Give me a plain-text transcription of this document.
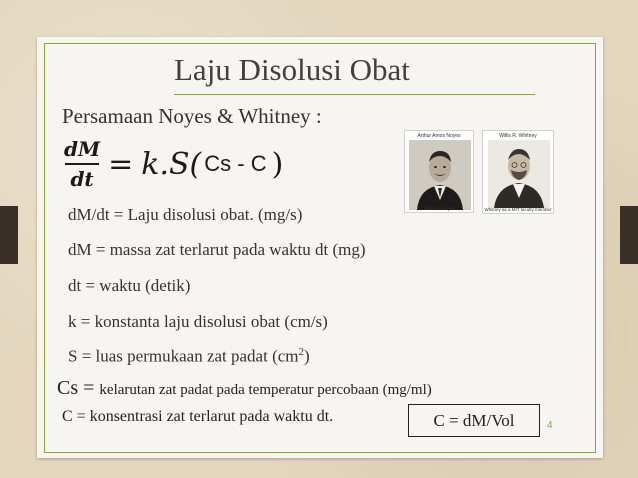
Laju Disolusi Obat
Persamaan Noyes & Whitney :
$\frac{dM}{dt} = k.S$( Cs - C )
Arthur Amos Noyes
Arthur A. Noyes
Willis R. Whitney
Whitney as a MIT faculty member
dM/dt = Laju disolusi obat. (mg/s)
dM = massa zat terlarut pada waktu dt (mg)
dt = waktu (detik)
k = konstanta laju disolusi obat (cm/s)
S = luas permukaan zat padat $(cm^2)$
Cs = kelarutan zat padat pada temperatur percobaan (mg/ml)
C = konsentrasi zat terlarut pada waktu dt.	C = dM/Vol	4
